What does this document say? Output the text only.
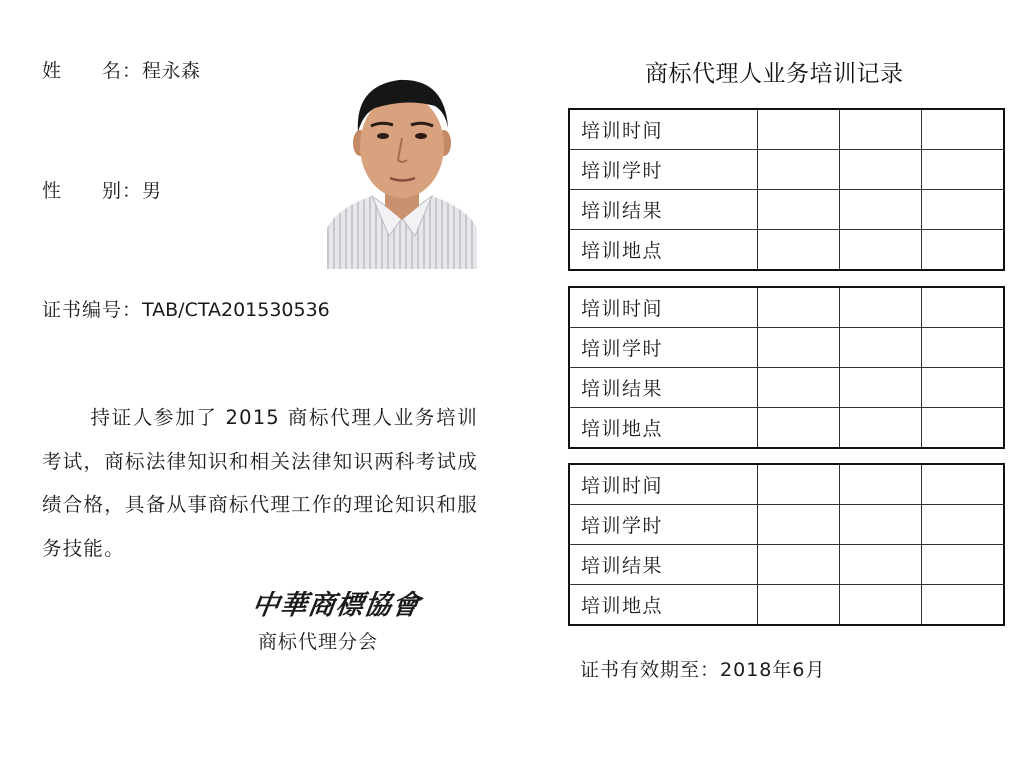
姓　　名：程永森
性　　别：男
证书编号：TAB/CTA201530536
持证人参加了 2015 商标代理人业务培训考试，商标法律知识和相关法律知识两科考试成绩合格，具备从事商标代理工作的理论知识和服务技能。
中華商標協會
商标代理分会
商标代理人业务培训记录
培训时间			
培训学时			
培训结果			
培训地点			
培训时间			
培训学时			
培训结果			
培训地点			
培训时间			
培训学时			
培训结果			
培训地点			
证书有效期至：2018年6月
